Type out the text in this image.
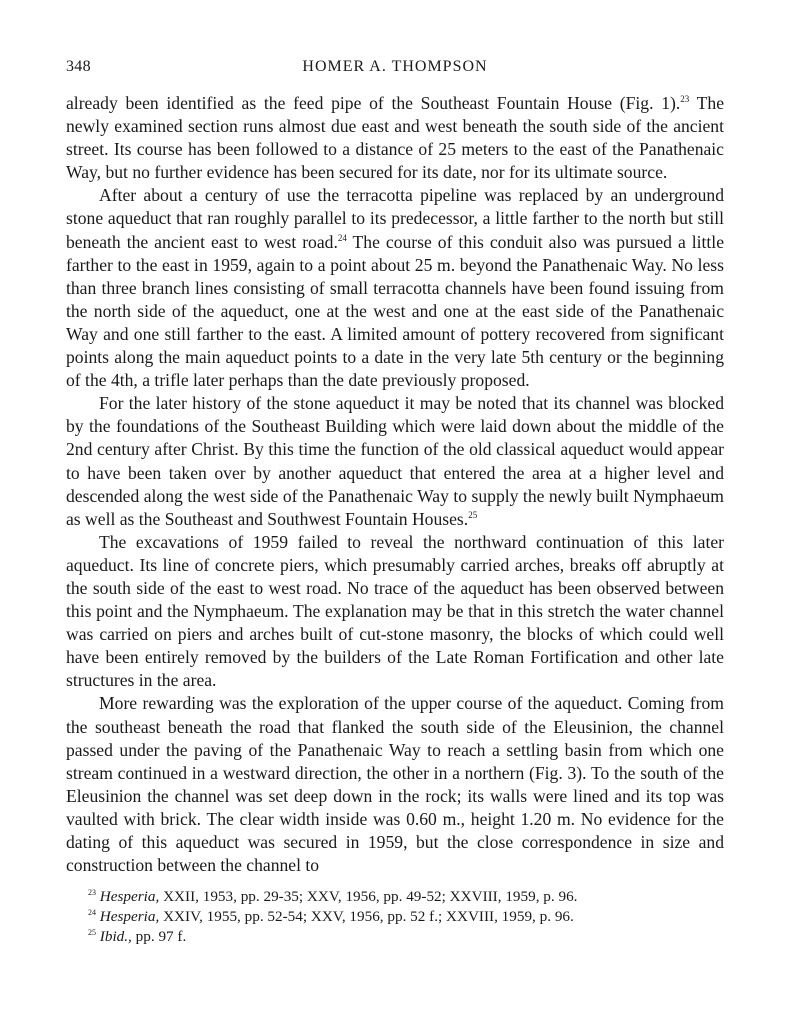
348	HOMER A. THOMPSON

already been identified as the feed pipe of the Southeast Fountain House (Fig. 1).$^{23}$ The newly examined section runs almost due east and west beneath the south side of the ancient street. Its course has been followed to a distance of 25 meters to the east of the Panathenaic Way, but no further evidence has been secured for its date, nor for its ultimate source.

After about a century of use the terracotta pipeline was replaced by an underground stone aqueduct that ran roughly parallel to its predecessor, a little farther to the north but still beneath the ancient east to west road.$^{24}$ The course of this conduit also was pursued a little farther to the east in 1959, again to a point about 25 m. beyond the Panathenaic Way. No less than three branch lines consisting of small terracotta channels have been found issuing from the north side of the aqueduct, one at the west and one at the east side of the Panathenaic Way and one still farther to the east. A limited amount of pottery recovered from significant points along the main aqueduct points to a date in the very late 5th century or the beginning of the 4th, a trifle later perhaps than the date previously proposed.

For the later history of the stone aqueduct it may be noted that its channel was blocked by the foundations of the Southeast Building which were laid down about the middle of the 2nd century after Christ. By this time the function of the old classical aqueduct would appear to have been taken over by another aqueduct that entered the area at a higher level and descended along the west side of the Panathenaic Way to supply the newly built Nymphaeum as well as the Southeast and Southwest Fountain Houses.$^{25}$

The excavations of 1959 failed to reveal the northward continuation of this later aqueduct. Its line of concrete piers, which presumably carried arches, breaks off abruptly at the south side of the east to west road. No trace of the aqueduct has been observed between this point and the Nymphaeum. The explanation may be that in this stretch the water channel was carried on piers and arches built of cut-stone masonry, the blocks of which could well have been entirely removed by the builders of the Late Roman Fortification and other late structures in the area.

More rewarding was the exploration of the upper course of the aqueduct. Coming from the southeast beneath the road that flanked the south side of the Eleusinion, the channel passed under the paving of the Panathenaic Way to reach a settling basin from which one stream continued in a westward direction, the other in a northern (Fig. 3). To the south of the Eleusinion the channel was set deep down in the rock; its walls were lined and its top was vaulted with brick. The clear width inside was 0.60 m., height 1.20 m. No evidence for the dating of this aqueduct was secured in 1959, but the close correspondence in size and construction between the channel to

$^{23}$ Hesperia, XXII, 1953, pp. 29-35; XXV, 1956, pp. 49-52; XXVIII, 1959, p. 96.

$^{24}$ Hesperia, XXIV, 1955, pp. 52-54; XXV, 1956, pp. 52 f.; XXVIII, 1959, p. 96.

$^{25}$ Ibid., pp. 97 f.
